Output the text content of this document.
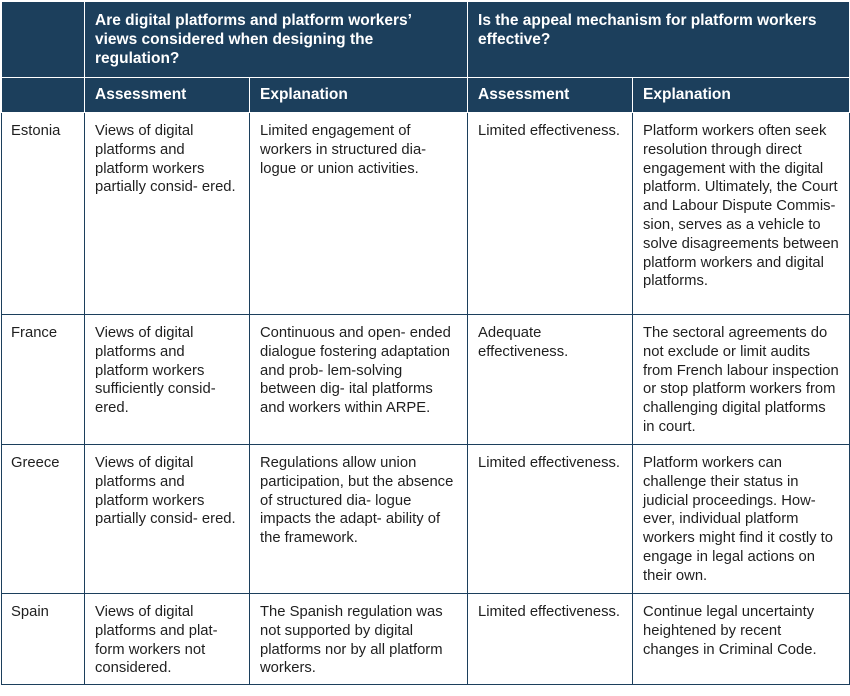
	Are digital platforms and platform workers’ views considered when designing the regulation?		Is the appeal mechanism for platform workers effective?	
	Assessment	Explanation	Assessment	Explanation
Estonia	Views of digital platforms and platform workers partially consid- ered.	Limited engagement of workers in structured dia- logue or union activities.	Limited effectiveness.	Platform workers often seek resolution through direct engagement with the digital platform. Ultimately, the Court and Labour Dispute Commis- sion, serves as a vehicle to solve disagreements between platform workers and digital platforms.
France	Views of digital platforms and platform workers sufficiently consid- ered.	Continuous and open- ended dialogue fostering adaptation and prob- lem-solving between dig- ital platforms and workers within ARPE.	Adequate effectiveness.	The sectoral agreements do not exclude or limit audits from French labour inspection or stop platform workers from challenging digital platforms in court.
Greece	Views of digital platforms and platform workers partially consid- ered.	Regulations allow union participation, but the absence of structured dia- logue impacts the adapt- ability of the framework.	Limited effectiveness.	Platform workers can challenge their status in judicial proceedings. How- ever, individual platform workers might find it costly to engage in legal actions on their own.
Spain	Views of digital platforms and plat- form workers not considered.	The Spanish regulation was not supported by digital platforms nor by all platform workers.	Limited effectiveness.	Continue legal uncertainty heightened by recent changes in Criminal Code.
